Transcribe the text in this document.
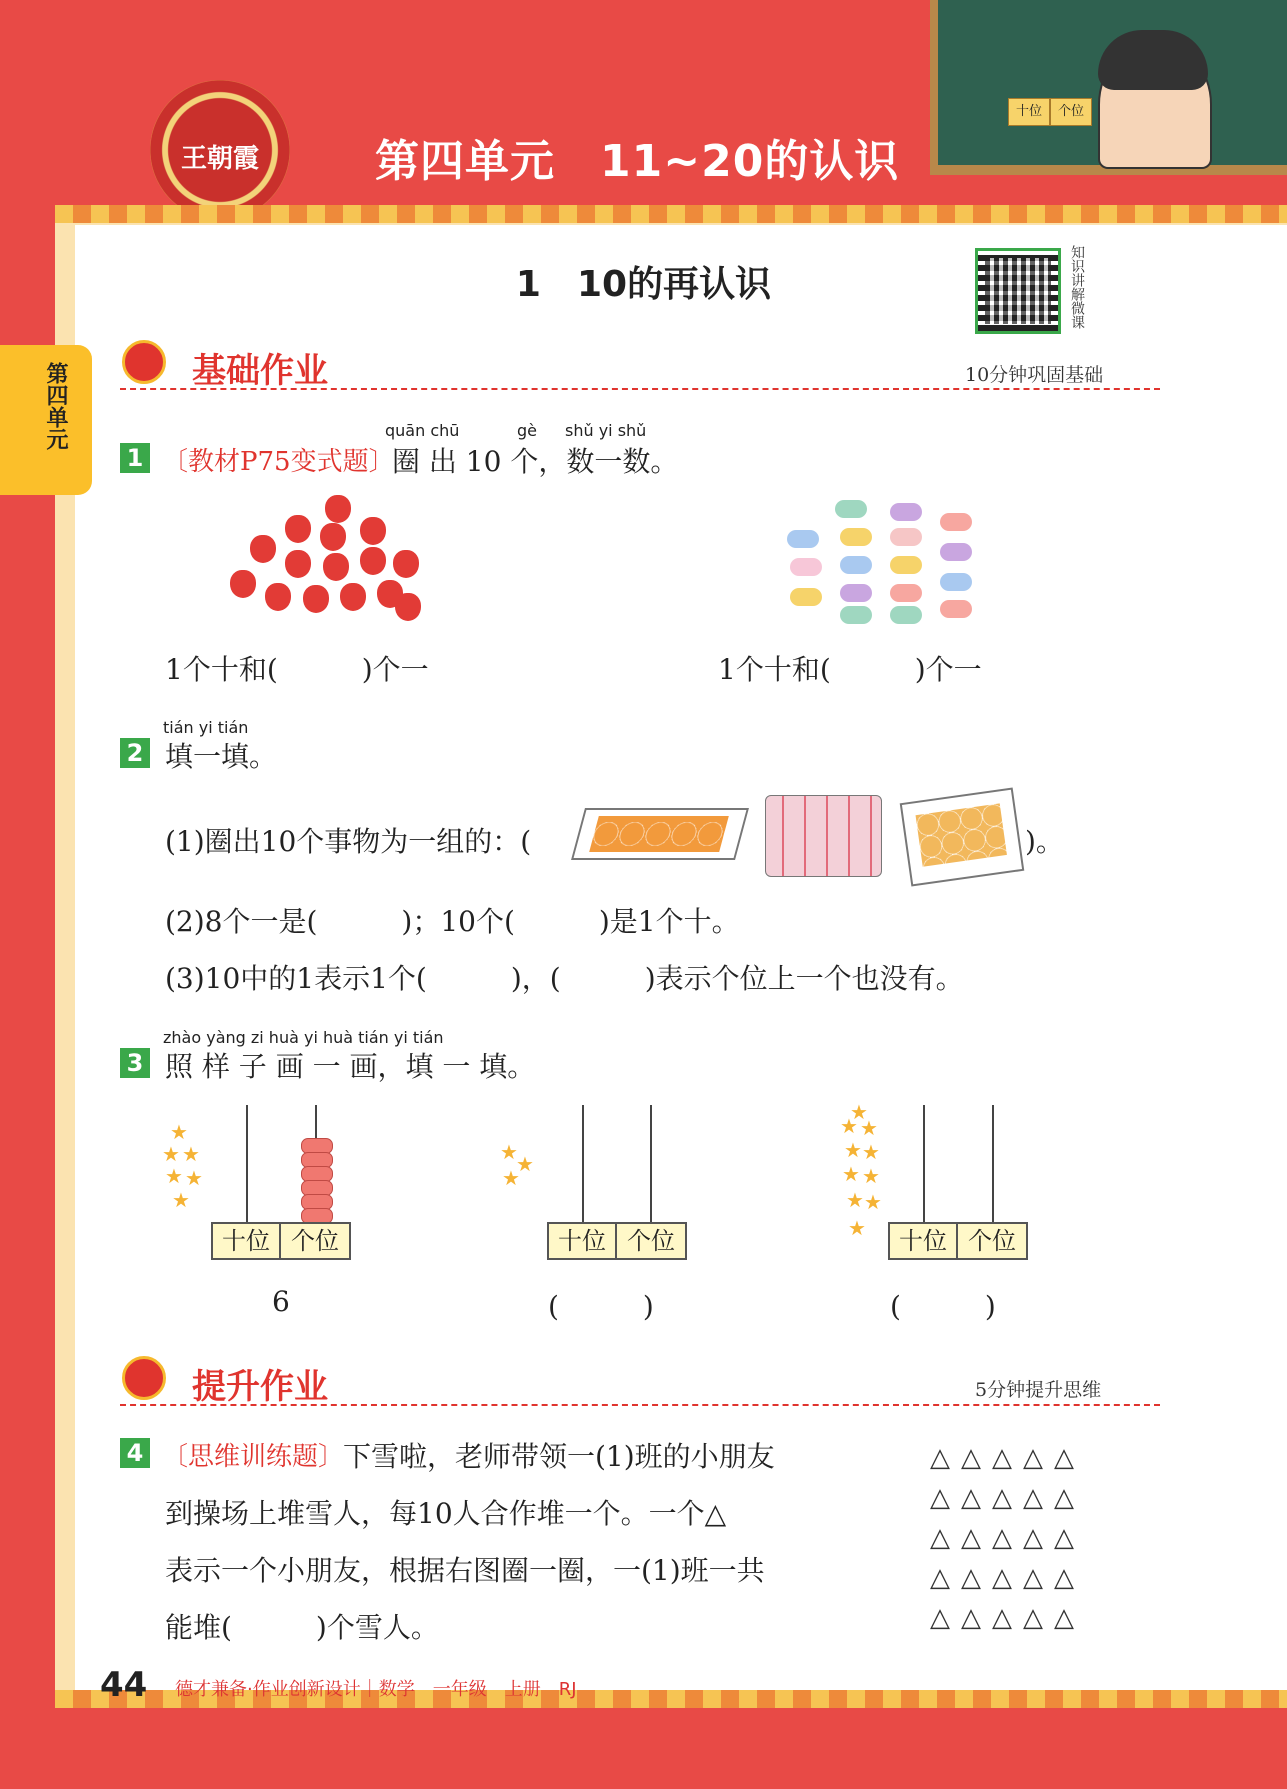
十位	个位
王朝霞	第四单元　11~20的认识
第四单元
1　10的再认识	知识讲解微课
基础作业	10分钟巩固基础
quān chū	gè shǔ yi shǔ
1 〔教材P75变式题〕
圈 出 10 个，数一数。
1个十和(　　　)个一	1个十和(　　　)个一
tián yi tián
2 填一填。
(1)圈出10个事物为一组的：(	)。
(2)8个一是(　　　)；10个(　　　)是1个十。
(3)10中的1表示1个(　　　)，(　　　)表示个位上一个也没有。
zhào yàng zi huà yi huà tián yi tián
3 照 样 子 画 一 画，填 一 填。
★
★ ★
★ ★
★
十位 个位
6
★
★
★
十位 个位
(　　　)
★
★ ★
★ ★
★ ★
★ ★
★	十位 个位
(　　　)
提升作业	5分钟提升思维
4 〔思维训练题〕
下雪啦，老师带领一(1)班的小朋友
到操场上堆雪人，每10人合作堆一个。一个△
表示一个小朋友，根据右图圈一圈，一(1)班一共
能堆(　　　)个雪人。
△△△△△
△△△△△
△△△△△
△△△△△
△△△△△
44 德才兼备·作业创新设计｜数学　一年级　上册　RJ
